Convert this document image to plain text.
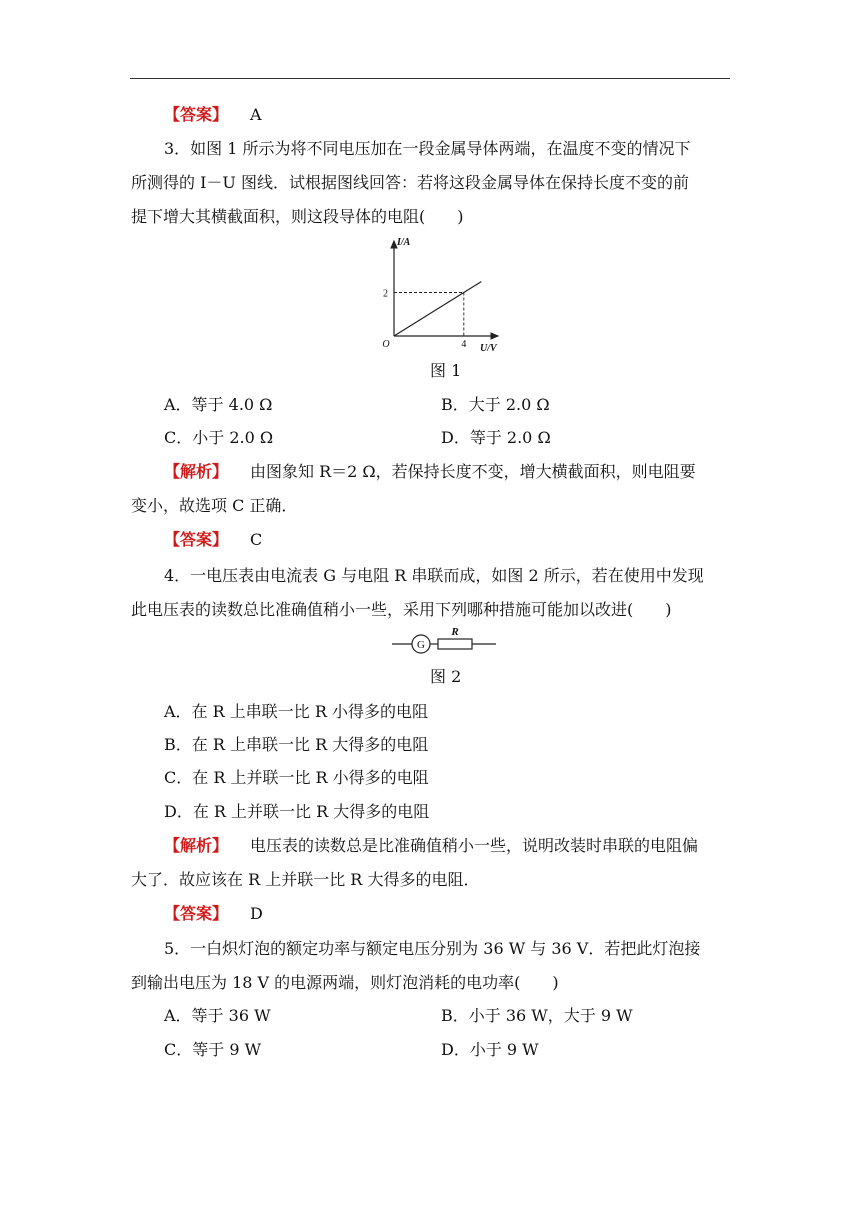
【答案】 A
3．如图 1 所示为将不同电压加在一段金属导体两端，在温度不变的情况下
所测得的 I－U 图线．试根据图线回答：若将这段金属导体在保持长度不变的前
提下增大其横截面积，则这段导体的电阻(　　)
2
4
O
I/A
U/V
图 1
A．等于 4.0 Ω	B．大于 2.0 Ω
C．小于 2.0 Ω	D．等于 2.0 Ω
【解析】 由图象知 R＝2 Ω，若保持长度不变，增大横截面积，则电阻要
变小，故选项 C 正确．
【答案】 C
4．一电压表由电流表 G 与电阻 R 串联而成，如图 2 所示，若在使用中发现
此电压表的读数总比准确值稍小一些，采用下列哪种措施可能加以改进(　　)
G
R
图 2
A．在 R 上串联一比 R 小得多的电阻
B．在 R 上串联一比 R 大得多的电阻
C．在 R 上并联一比 R 小得多的电阻
D．在 R 上并联一比 R 大得多的电阻
【解析】 电压表的读数总是比准确值稍小一些，说明改装时串联的电阻偏
大了．故应该在 R 上并联一比 R 大得多的电阻．
【答案】 D
5．一白炽灯泡的额定功率与额定电压分别为 36 W 与 36 V．若把此灯泡接
到输出电压为 18 V 的电源两端，则灯泡消耗的电功率(　　)
A．等于 36 W	B．小于 36 W，大于 9 W
C．等于 9 W	D．小于 9 W
